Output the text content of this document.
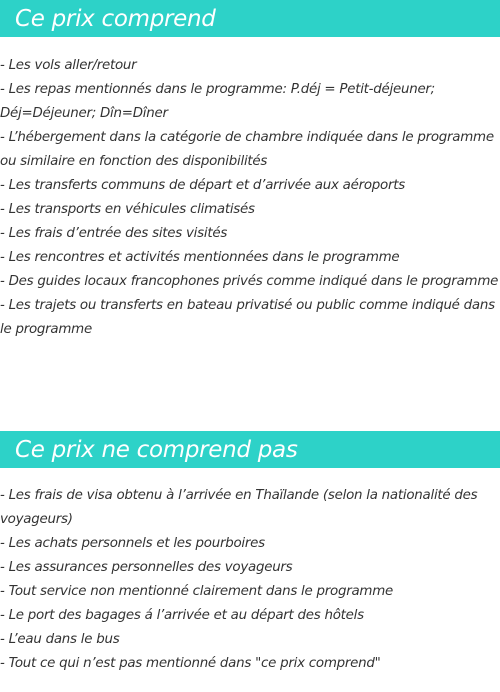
Ce prix comprend
- Les vols aller/retour
- Les repas mentionnés dans le programme: P.déj = Petit-déjeuner; Déj=Déjeuner; Dîn=Dîner
- L’hébergement dans la catégorie de chambre indiquée dans le programme ou similaire en fonction des disponibilités
- Les transferts communs de départ et d’arrivée aux aéroports
- Les transports en véhicules climatisés
- Les frais d’entrée des sites visités
- Les rencontres et activités mentionnées dans le programme
- Des guides locaux francophones privés comme indiqué dans le programme
- Les trajets ou transferts en bateau privatisé ou public comme indiqué dans le programme
Ce prix ne comprend pas
- Les frais de visa obtenu à l’arrivée en Thaïlande (selon la nationalité des voyageurs)
- Les achats personnels et les pourboires
- Les assurances personnelles des voyageurs
- Tout service non mentionné clairement dans le programme
- Le port des bagages á l’arrivée et au départ des hôtels
- L’eau dans le bus
- Tout ce qui n’est pas mentionné dans "ce prix comprend"
